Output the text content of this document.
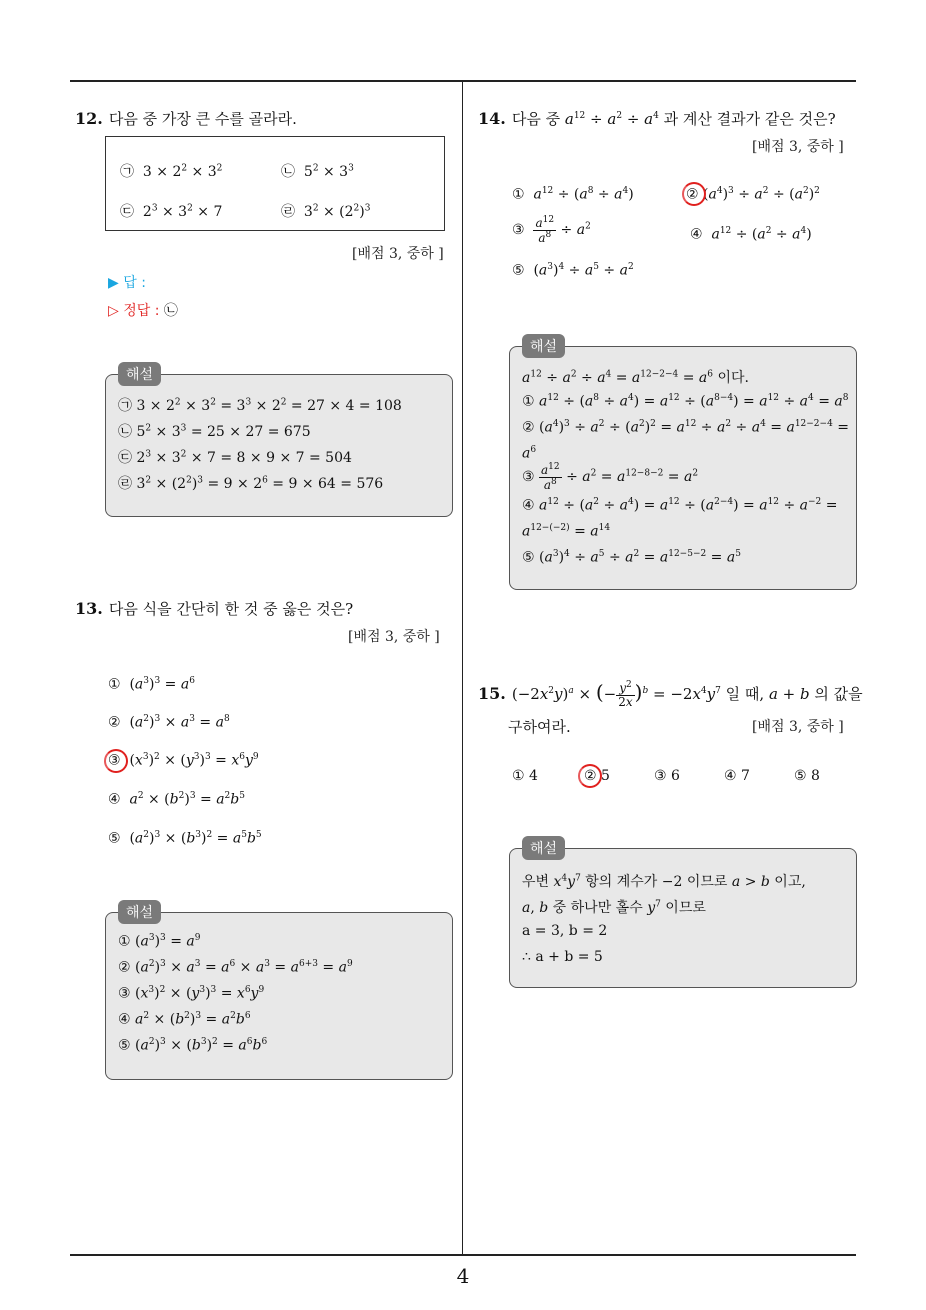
4
12. 다음 중 가장 큰 수를 골라라.
㉠  $3 \times 2^2 \times 3^2$	㉡  $5^2 \times 3^3$
㉢  $2^3 \times 3^2 \times 7$	㉣  $3^2 \times (2^2)^3$
[배점 3, 중하 ]
▶ 답 :
▷ 정답 : ㉡
㉠ $3 \times 2^2 \times 3^2 = 3^3 \times 2^2 = 27 \times 4 = 108$
㉡ $5^2 \times 3^3 = 25 \times 27 = 675$
㉢ $2^3 \times 3^2 \times 7 = 8 \times 9 \times 7 = 504$
㉣ $3^2 \times (2^2)^3 = 9 \times 2^6 = 9 \times 64 = 576$
해설
13. 다음 식을 간단히 한 것 중 옳은 것은?
[배점 3, 중하 ]
①  $(a^3)^3 = a^6$
②  $(a^2)^3 \times a^3 = a^8$
③  $(x^3)^2 \times (y^3)^3 = x^6y^9$
④  $a^2 \times (b^2)^3 = a^2b^5$
⑤  $(a^2)^3 \times (b^3)^2 = a^5b^5$
① $(a^3)^3 = a^9$
② $(a^2)^3 \times a^3 = a^6 \times a^3 = a^{6+3} = a^9$
③ $(x^3)^2 \times (y^3)^3 = x^6y^9$
④ $a^2 \times (b^2)^3 = a^2b^6$
⑤ $(a^2)^3 \times (b^3)^2 = a^6b^6$
해설
14. 다음 중 $a^{12} \div a^2 \div a^4$ 과 계산 결과가 같은 것은?
[배점 3, 중하 ]
①  $a^{12} \div (a^8 \div a^4)$	② $(a^4)^3 \div a^2 \div (a^2)^2$
③ $\frac{a^{12}}{a^8} \div a^2$
④  $a^{12} \div (a^2 \div a^4)$
⑤  $(a^3)^4 \div a^5 \div a^2$
$a^{12} \div a^2 \div a^4 = a^{12-2-4} = a^6$ 이다.
① $a^{12} \div (a^8 \div a^4) = a^{12} \div (a^{8-4}) = a^{12} \div a^4 = a^8$
② $(a^4)^3 \div a^2 \div (a^2)^2 = a^{12} \div a^2 \div a^4 = a^{12-2-4}$ =
$a^6$
③ $\frac{a^{12}}{a^8} \div a^2 = a^{12-8-2} = a^2$
④ $a^{12} \div (a^2 \div a^4) = a^{12} \div (a^{2-4}) = a^{12} \div a^{-2}$ =
$a^{12-(-2)} = a^{14}$
⑤ $(a^3)^4 \div a^5 \div a^2 = a^{12-5-2} = a^5$
해설
15. $(-2x^2y)^a$ × (− $\frac{y^2}{2x} )^b = -2x^4y^7$ 일 때, a + b 의 값을
구하여라.	[배점 3, 중하 ]
① 4	② 5	③ 6	④ 7	⑤ 8
우변 $x^4y^7$ 항의 계수가 −2 이므로 a > b 이고,
a, b 중 하나만 홀수 $y^7$ 이므로
a = 3, b = 2
∴ a + b = 5
해설
